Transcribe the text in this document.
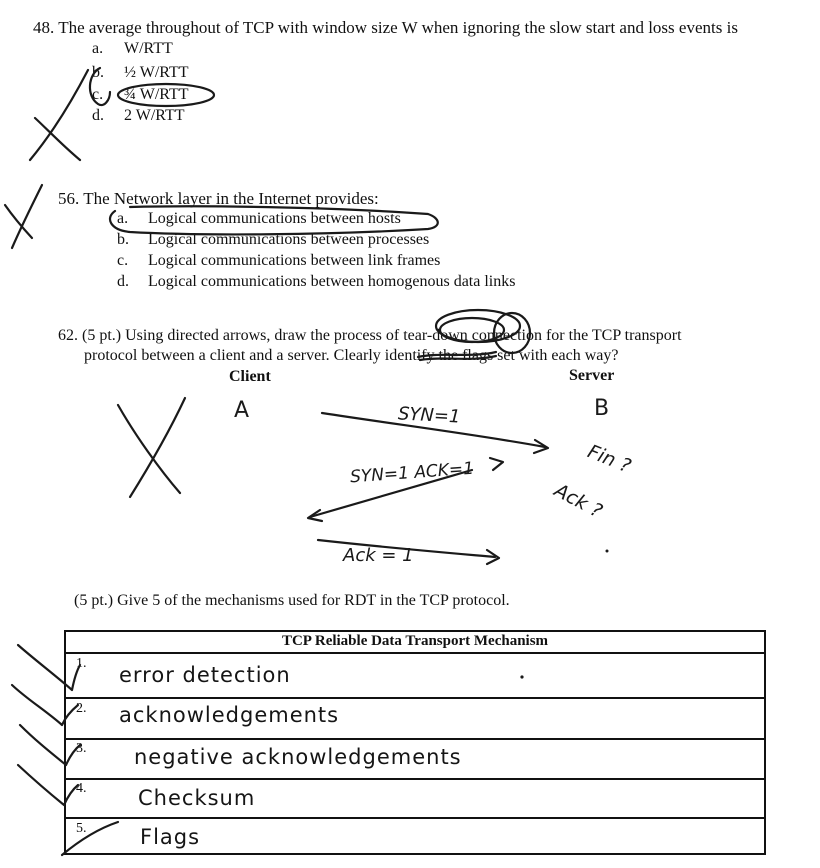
48. The average throughout of TCP with window size W when ignoring the slow start and loss events is
a. W/RTT
b. ½ W/RTT
c. ¾ W/RTT
d. 2 W/RTT
56. The Network layer in the Internet provides:
a. Logical communications between hosts
b. Logical communications between processes
c. Logical communications between link frames
d. Logical communications between homogenous data links
62. (5 pt.) Using directed arrows, draw the process of tear-down connection for the TCP transport
protocol between a client and a server. Clearly identify the flags set with each way?
Client	Server
A	B
SYN=1
SYN=1 ACK=1
Ack = 1
Fin ?
Ack ?
(5 pt.) Give 5 of the mechanisms used for RDT in the TCP protocol.
TCP Reliable Data Transport Mechanism
1. error detection
2. acknowledgements
3. negative acknowledgements
4. Checksum
5.	Flags
